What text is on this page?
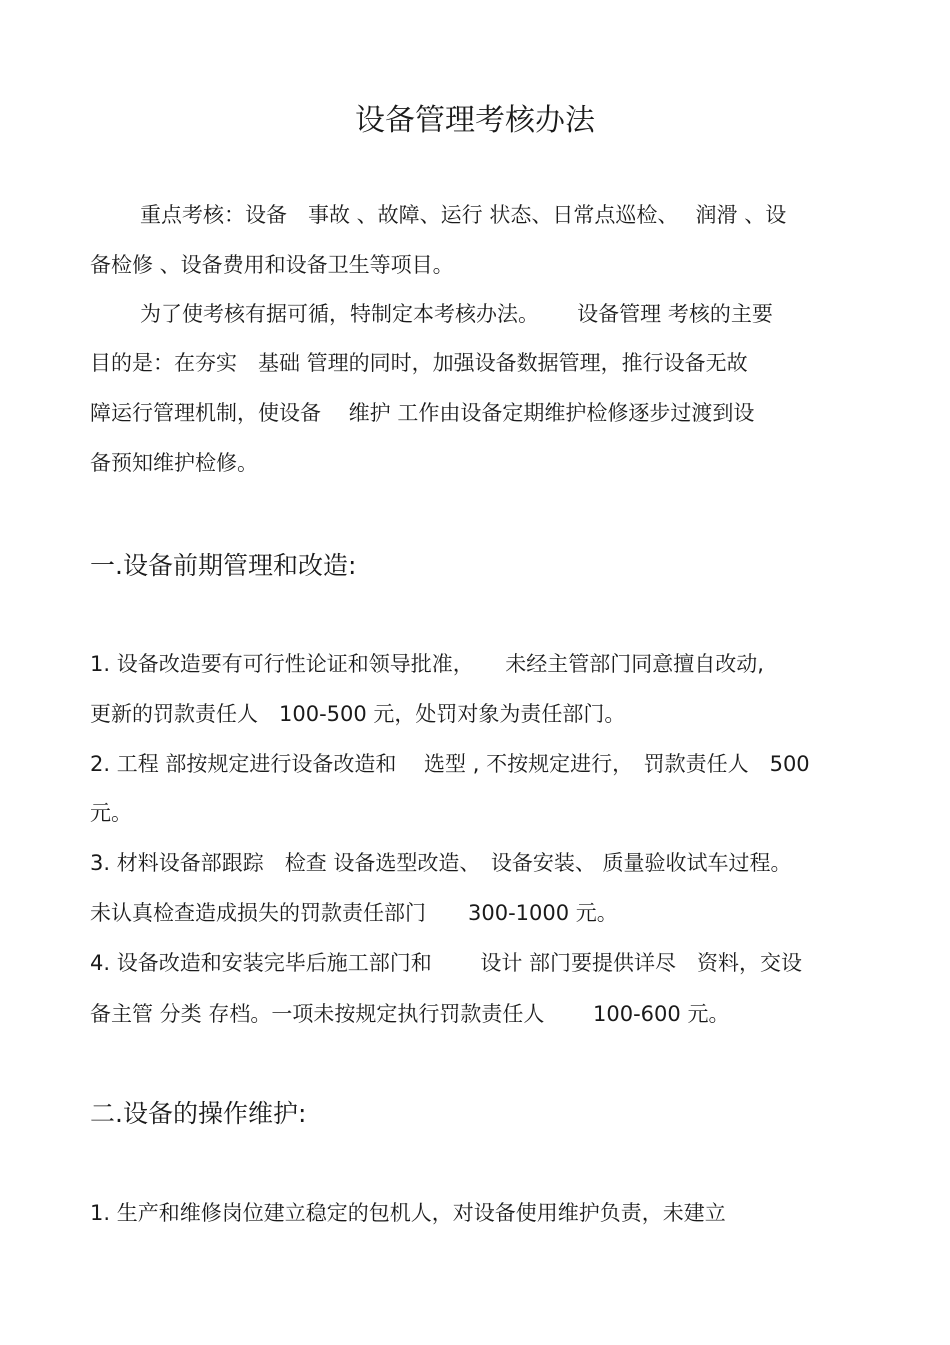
设备管理考核办法
重点考核：设备　事故 、故障、运行 状态、日常点巡检、　 润滑 、设
备检修 、设备费用和设备卫生等项目。
为了使考核有据可循，特制定本考核办法。　　 设备管理 考核的主要
目的是：在夯实　基础 管理的同时，加强设备数据管理，推行设备无故
障运行管理机制，使设备　 维护 工作由设备定期维护检修逐步过渡到设
备预知维护检修。
一.设备前期管理和改造:
1. 设备改造要有可行性论证和领导批准，　　未经主管部门同意擅自改动,
更新的罚款责任人　100-500 元，处罚对象为责任部门。
2. 工程 部按规定进行设备改造和　 选型 , 不按规定进行，　罚款责任人　500
元。
3. 材料设备部跟踪　检查 设备选型改造、　设备安装、 质量验收试车过程。
未认真检查造成损失的罚款责任部门　　300-1000 元。
4. 设备改造和安装完毕后施工部门和　　 设计 部门要提供详尽　资料，交设
备主管 分类 存档。一项未按规定执行罚款责任人　　 100-600 元。
二.设备的操作维护:
1. 生产和维修岗位建立稳定的包机人，对设备使用维护负责，未建立
